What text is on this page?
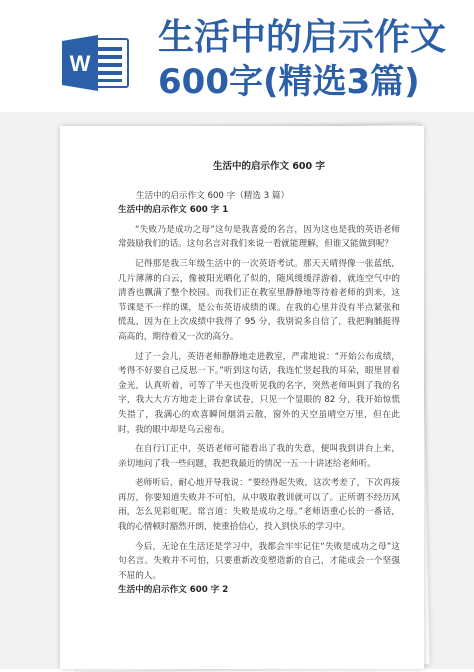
W
生活中的启示作文
600字(精选3篇)
生活中的启示作文 600 字

生活中的启示作文 600 字（精选 3 篇）

生活中的启示作文 600 字 1

“失败乃是成功之母”这句是我喜爱的名言，因为这也是我的英语老师常鼓励我们的话。这句名言对我们来说一看就能理解，但谁又能做到呢？

记得那是我三年级生活中的一次英语考试。那天天晴得像一张蓝纸，几片薄薄的白云，像被阳光晒化了似的，随风缓缓浮游着，就连空气中的清香也飘满了整个校园。而我们正在教室里静静地等待着老师的到来，这节课是不一样的课，是公布英语成绩的课。在我的心里并没有半点紧张和慌乱，因为在上次成绩中我得了 95 分，我别说多自信了，我把胸脯挺得高高的，期待着又一次的高分。

过了一会儿，英语老师静静地走进教室，严肃地说：“开始公布成绩，考得不好要自己反思一下。”听到这句话，我连忙竖起我的耳朵，眼里冒着金光，认真听着，可等了半天也没听见我的名字，突然老师叫到了我的名字，我大大方方地走上讲台拿试卷，只见一个显眼的 82 分，我开始惊慌失措了，我满心的欢喜瞬间烟消云散，窗外的天空虽晴空万里，但在此时，我的眼中却是乌云密布。

在自行订正中，英语老师可能看出了我的失意，便叫我到讲台上来，亲切地问了我一些问题，我把我最近的情况一五一十讲述给老师听。

老师听后，耐心地开导我说：“要经得起失败，这次考差了，下次再接再厉，你要知道失败并不可怕，从中吸取教训就可以了。正所谓不经历风雨，怎么见彩虹呢。常言道：失败是成功之母。”老师语重心长的一番话，我的心情顿时豁然开朗，使重拾信心，投入到快乐的学习中。

今后，无论在生活还是学习中，我都会牢牢记住“失败是成功之母”这句名言。失败并不可怕，只要重新改变塑造新的自己，才能成会一个坚强不屈的人。

生活中的启示作文 600 字 2
